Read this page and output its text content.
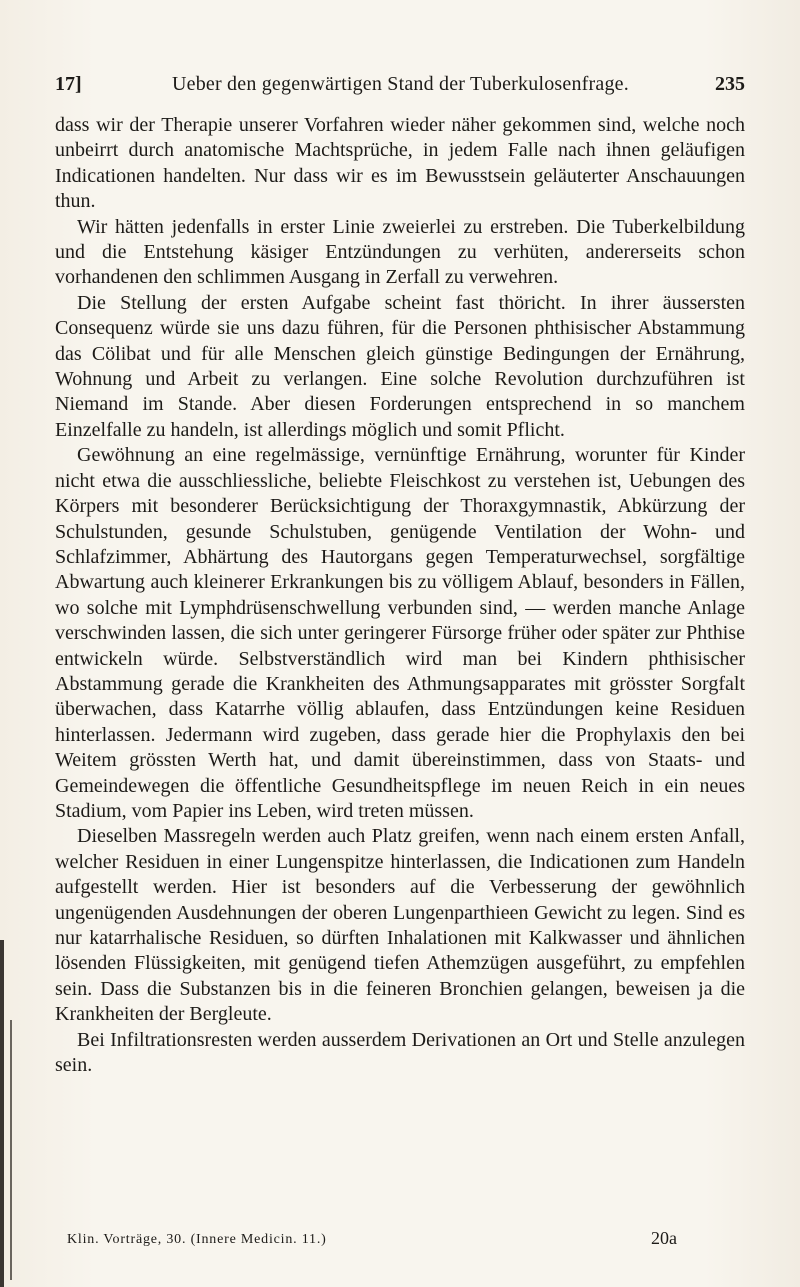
17]	Ueber den gegenwärtigen Stand der Tuberkulosenfrage.	235

dass wir der Therapie unserer Vorfahren wieder näher gekommen sind, welche noch unbeirrt durch anatomische Machtsprüche, in jedem Falle nach ihnen geläufigen Indicationen handelten. Nur dass wir es im Bewusstsein geläuterter Anschauungen thun.

Wir hätten jedenfalls in erster Linie zweierlei zu erstreben. Die Tuberkelbildung und die Entstehung käsiger Entzündungen zu verhüten, andererseits schon vorhandenen den schlimmen Ausgang in Zerfall zu verwehren.

Die Stellung der ersten Aufgabe scheint fast thöricht. In ihrer äussersten Consequenz würde sie uns dazu führen, für die Personen phthisischer Abstammung das Cölibat und für alle Menschen gleich günstige Bedingungen der Ernährung, Wohnung und Arbeit zu verlangen. Eine solche Revolution durchzuführen ist Niemand im Stande. Aber diesen Forderungen entsprechend in so manchem Einzelfalle zu handeln, ist allerdings möglich und somit Pflicht.

Gewöhnung an eine regelmässige, vernünftige Ernährung, worunter für Kinder nicht etwa die ausschliessliche, beliebte Fleischkost zu verstehen ist, Uebungen des Körpers mit besonderer Berücksichtigung der Thoraxgymnastik, Abkürzung der Schulstunden, gesunde Schulstuben, genügende Ventilation der Wohn- und Schlafzimmer, Abhärtung des Hautorgans gegen Temperaturwechsel, sorgfältige Abwartung auch kleinerer Erkrankungen bis zu völligem Ablauf, besonders in Fällen, wo solche mit Lymphdrüsenschwellung verbunden sind, — werden manche Anlage verschwinden lassen, die sich unter geringerer Fürsorge früher oder später zur Phthise entwickeln würde. Selbstverständlich wird man bei Kindern phthisischer Abstammung gerade die Krankheiten des Athmungsapparates mit grösster Sorgfalt überwachen, dass Katarrhe völlig ablaufen, dass Entzündungen keine Residuen hinterlassen. Jedermann wird zugeben, dass gerade hier die Prophylaxis den bei Weitem grössten Werth hat, und damit übereinstimmen, dass von Staats- und Gemeindewegen die öffentliche Gesundheitspflege im neuen Reich in ein neues Stadium, vom Papier ins Leben, wird treten müssen.

Dieselben Massregeln werden auch Platz greifen, wenn nach einem ersten Anfall, welcher Residuen in einer Lungenspitze hinterlassen, die Indicationen zum Handeln aufgestellt werden. Hier ist besonders auf die Verbesserung der gewöhnlich ungenügenden Ausdehnungen der oberen Lungenparthieen Gewicht zu legen. Sind es nur katarrhalische Residuen, so dürften Inhalationen mit Kalkwasser und ähnlichen lösenden Flüssigkeiten, mit genügend tiefen Athemzügen ausgeführt, zu empfehlen sein. Dass die Substanzen bis in die feineren Bronchien gelangen, beweisen ja die Krankheiten der Bergleute.

Bei Infiltrationsresten werden ausserdem Derivationen an Ort und Stelle anzulegen sein.

Klin. Vorträge, 30. (Innere Medicin. 11.)	20a
